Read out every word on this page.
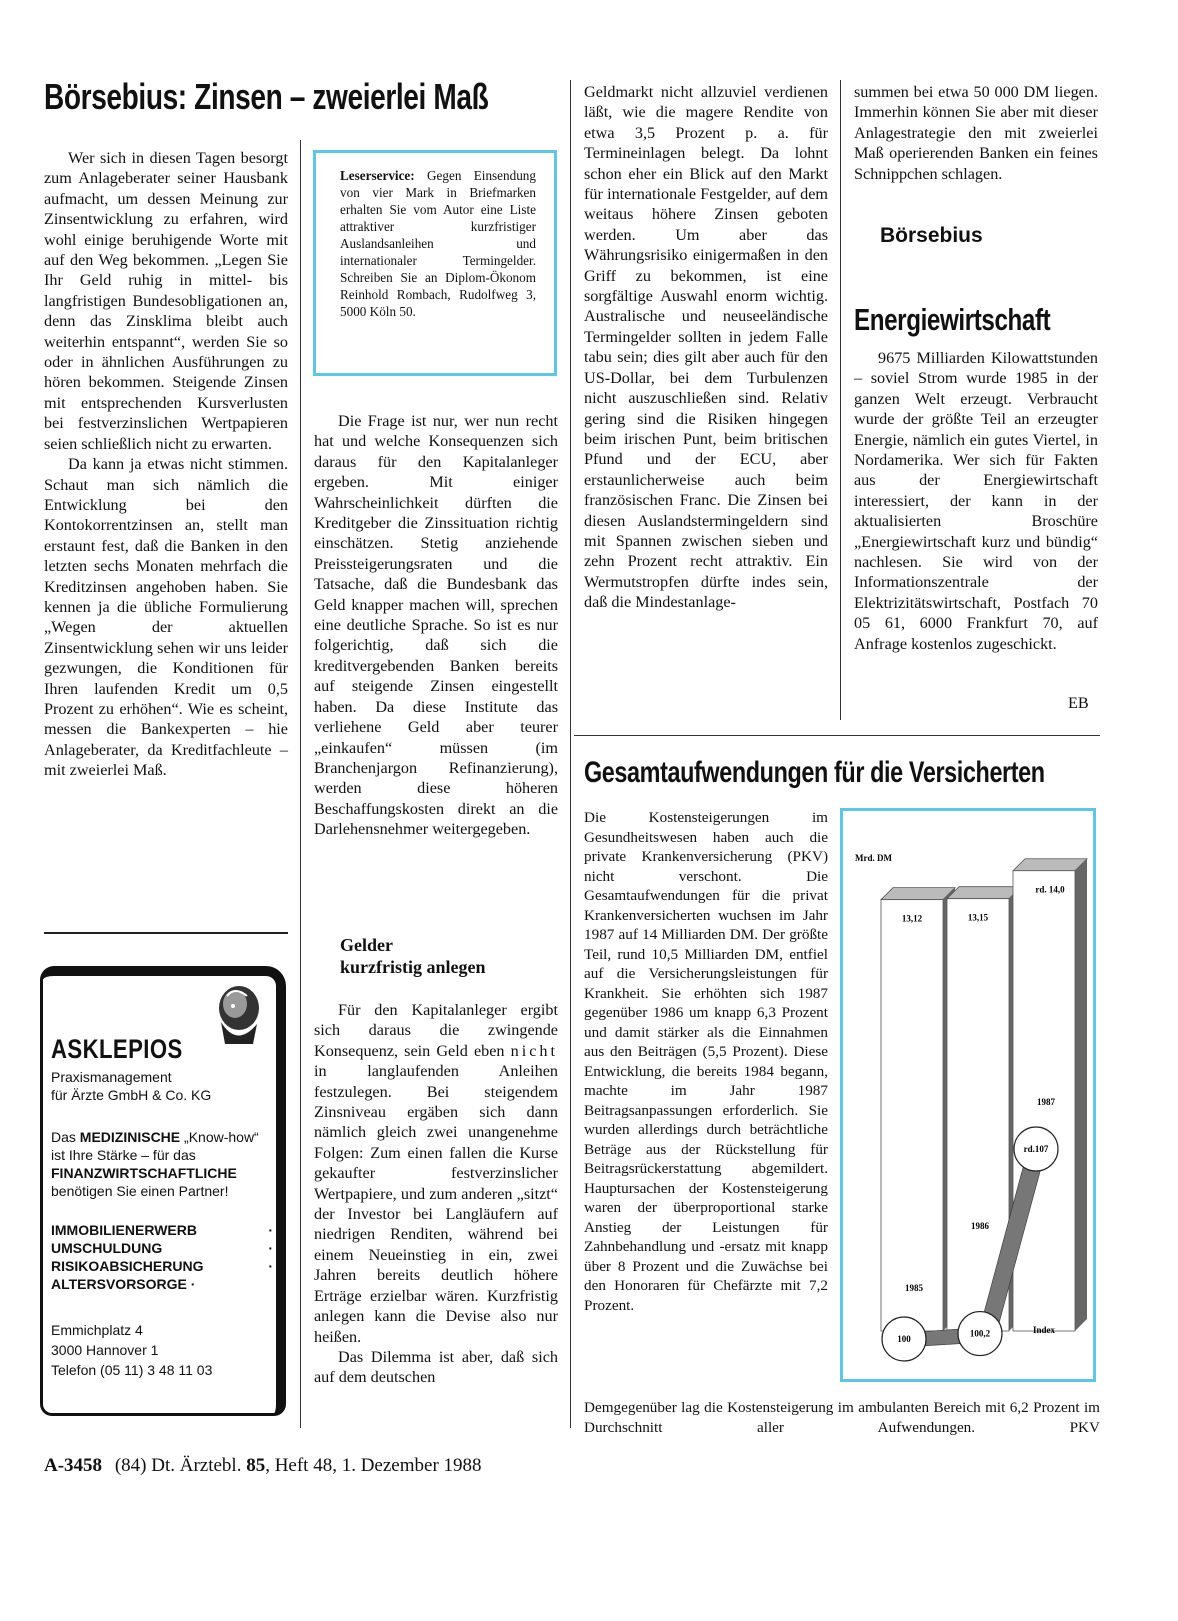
Börsebius: Zinsen – zweierlei Maß

Wer sich in diesen Tagen besorgt zum Anlageberater seiner Hausbank aufmacht, um dessen Meinung zur Zinsentwicklung zu erfahren, wird wohl einige beruhigende Worte mit auf den Weg bekommen. „Legen Sie Ihr Geld ruhig in mittel- bis langfristigen Bundesobligationen an, denn das Zinsklima bleibt auch weiterhin entspannt“, werden Sie so oder in ähnlichen Ausführungen zu hören bekommen. Steigende Zinsen mit entsprechenden Kursverlusten bei festverzinslichen Wertpapieren seien schließlich nicht zu erwarten.

Da kann ja etwas nicht stimmen. Schaut man sich nämlich die Entwicklung bei den Kontokorrentzinsen an, stellt man erstaunt fest, daß die Banken in den letzten sechs Monaten mehrfach die Kreditzinsen angehoben haben. Sie kennen ja die übliche Formulierung „Wegen der aktuellen Zinsentwicklung sehen wir uns leider gezwungen, die Konditionen für Ihren laufenden Kredit um 0,5 Prozent zu erhöhen“. Wie es scheint, messen die Bankexperten – hie Anlageberater, da Kreditfachleute – mit zweierlei Maß.

ASKLEPIOS
Praxismanagement
für Ärzte GmbH & Co. KG
Das MEDIZINISCHE „Know-how“ ist Ihre Stärke – für das FINANZWIRTSCHAFTLICHE benötigen Sie einen Partner!
IMMOBILIENERWERB · UMSCHULDUNG · RISIKOABSICHERUNG · ALTERSVORSORGE ·
Emmichplatz 4
3000 Hannover 1
Telefon (05 11) 3 48 11 03
Leserservice: Gegen Einsendung von vier Mark in Briefmarken erhalten Sie vom Autor eine Liste attraktiver kurzfristiger Auslandsanleihen und internationaler Termingelder. Schreiben Sie an Diplom-Ökonom Reinhold Rombach, Rudolfweg 3, 5000 Köln 50.

Die Frage ist nur, wer nun recht hat und welche Konsequenzen sich daraus für den Kapitalanleger ergeben. Mit einiger Wahrscheinlichkeit dürften die Kreditgeber die Zinssituation richtig einschätzen. Stetig anziehende Preissteigerungsraten und die Tatsache, daß die Bundesbank das Geld knapper machen will, sprechen eine deutliche Sprache. So ist es nur folgerichtig, daß sich die kreditvergebenden Banken bereits auf steigende Zinsen eingestellt haben. Da diese Institute das verliehene Geld aber teurer „einkaufen“ müssen (im Branchenjargon Refinanzierung), werden diese höheren Beschaffungskosten direkt an die Darlehensnehmer weitergegeben.

Gelder
kurzfristig anlegen

Für den Kapitalanleger ergibt sich daraus die zwingende Konsequenz, sein Geld eben nicht in langlaufenden Anleihen festzulegen. Bei steigendem Zinsniveau ergäben sich dann nämlich gleich zwei unangenehme Folgen: Zum einen fallen die Kurse gekaufter festverzinslicher Wertpapiere, und zum anderen „sitzt“ der Investor bei Langläufern auf niedrigen Renditen, während bei einem Neueinstieg in ein, zwei Jahren bereits deutlich höhere Erträge erzielbar wären. Kurzfristig anlegen kann die Devise also nur heißen.

Das Dilemma ist aber, daß sich auf dem deutschen

Geldmarkt nicht allzuviel verdienen läßt, wie die magere Rendite von etwa 3,5 Prozent p. a. für Termineinlagen belegt. Da lohnt schon eher ein Blick auf den Markt für internationale Festgelder, auf dem weitaus höhere Zinsen geboten werden. Um aber das Währungsrisiko einigermaßen in den Griff zu bekommen, ist eine sorgfältige Auswahl enorm wichtig. Australische und neuseeländische Termingelder sollten in jedem Falle tabu sein; dies gilt aber auch für den US-Dollar, bei dem Turbulenzen nicht auszuschließen sind. Relativ gering sind die Risiken hingegen beim irischen Punt, beim britischen Pfund und der ECU, aber erstaunlicherweise auch beim französischen Franc. Die Zinsen bei diesen Auslandstermingeldern sind mit Spannen zwischen sieben und zehn Prozent recht attraktiv. Ein Wermutstropfen dürfte indes sein, daß die Mindestanlage-

summen bei etwa 50 000 DM liegen. Immerhin können Sie aber mit dieser Anlagestrategie den mit zweierlei Maß operierenden Banken ein feines Schnippchen schlagen.

Börsebius
Energiewirtschaft

9675 Milliarden Kilowattstunden – soviel Strom wurde 1985 in der ganzen Welt erzeugt. Verbraucht wurde der größte Teil an erzeugter Energie, nämlich ein gutes Viertel, in Nordamerika. Wer sich für Fakten aus der Energiewirtschaft interessiert, der kann in der aktualisierten Broschüre „Energiewirtschaft kurz und bündig“ nachlesen. Sie wird von der Informationszentrale der Elektrizitätswirtschaft, Postfach 70 05 61, 6000 Frankfurt 70, auf Anfrage kostenlos zugeschickt.

EB
Gesamtaufwendungen für die Versicherten
Die Kostensteigerungen im Gesundheitswesen haben auch die private Krankenversicherung (PKV) nicht verschont. Die Gesamtaufwendungen für die privat Krankenversicherten wuchsen im Jahr 1987 auf 14 Milliarden DM. Der größte Teil, rund 10,5 Milliarden DM, entfiel auf die Versicherungsleistungen für Krankheit. Sie erhöhten sich 1987 gegenüber 1986 um knapp 6,3 Prozent und damit stärker als die Einnahmen aus den Beiträgen (5,5 Prozent). Diese Entwicklung, die bereits 1984 begann, machte im Jahr 1987 Beitragsanpassungen erforderlich. Sie wurden allerdings durch beträchtliche Beträge aus der Rückstellung für Beitragsrückerstattung abgemildert. Hauptursachen der Kostensteigerung waren der überproportional starke Anstieg der Leistungen für Zahnbehandlung und -ersatz mit knapp über 8 Prozent und die Zuwächse bei den Honoraren für Chefärzte mit 7,2 Prozent.
Demgegenüber lag die Kostensteigerung im ambulanten Bereich mit 6,2 Prozent im Durchschnitt aller Aufwendungen.	PKV
Mrd. DM
13,12
1985
13,15
1986
rd. 14,0
1987
100
100,2
rd.107
Index
A-3458 (84) Dt. Ärztebl. 85, Heft 48, 1. Dezember 1988
